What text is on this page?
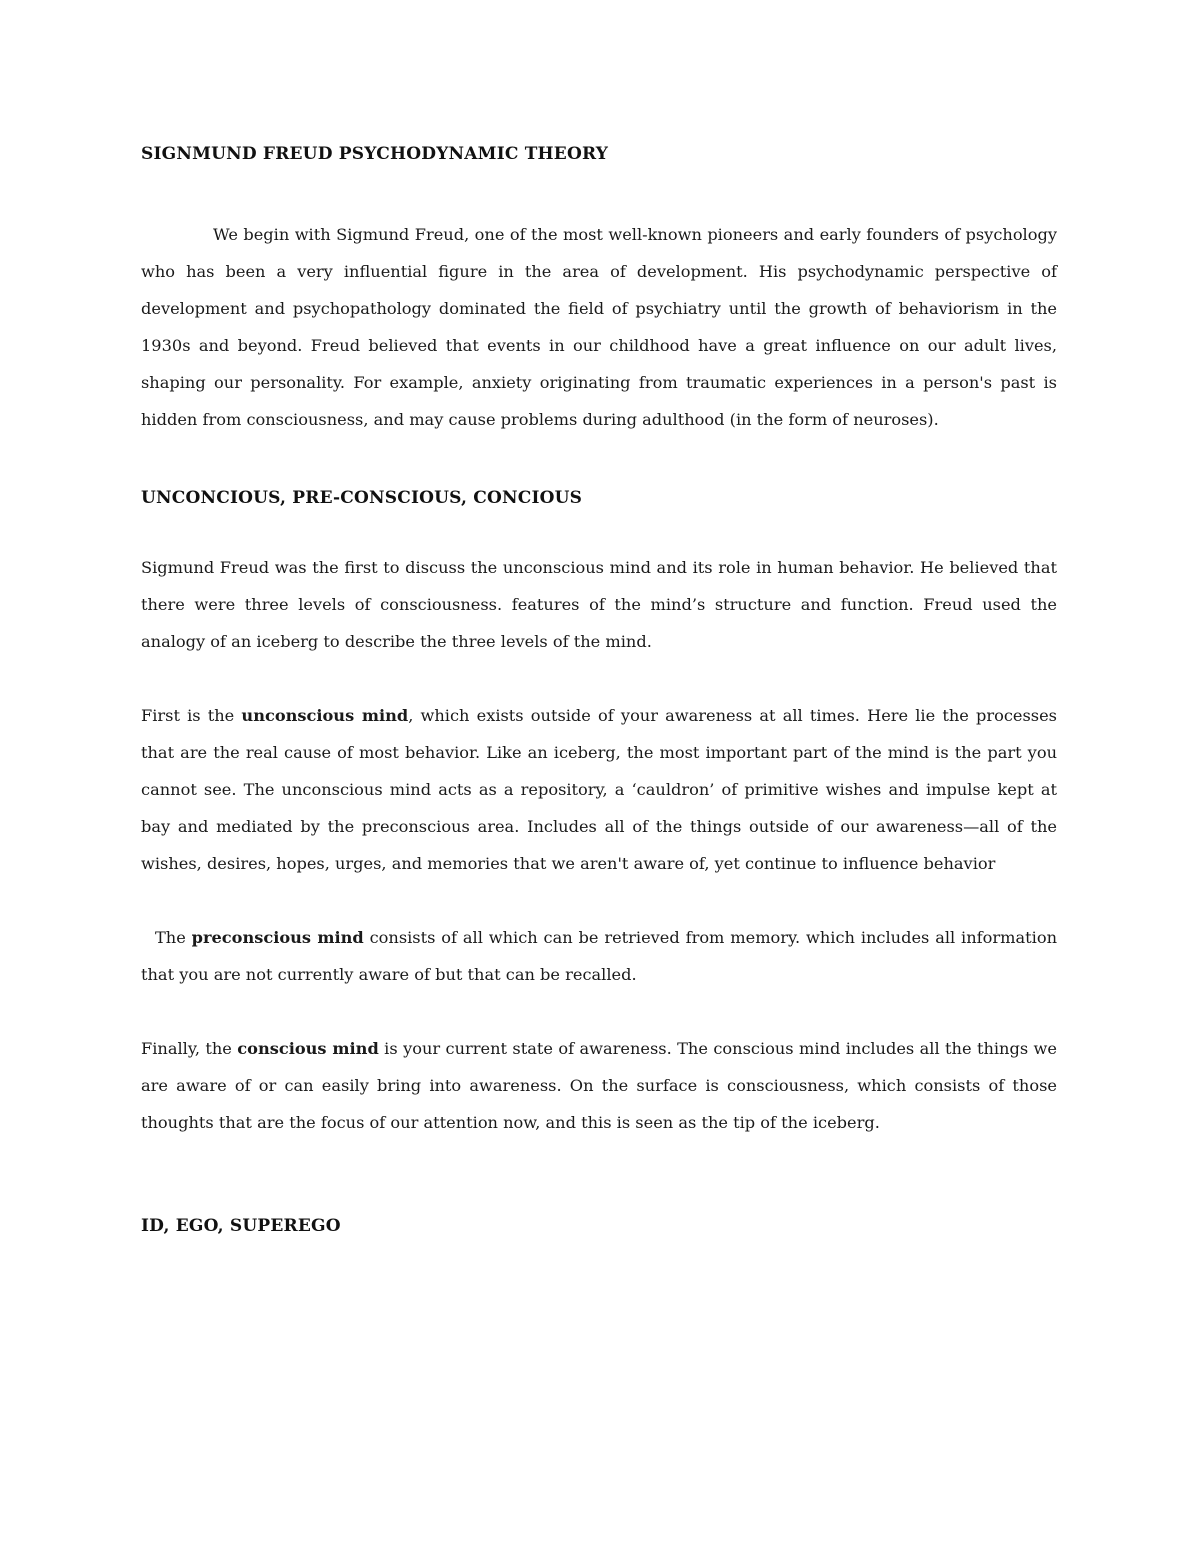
SIGNMUND FREUD PSYCHODYNAMIC THEORY

We begin with Sigmund Freud, one of the most well-known pioneers and early founders of psychology who has been a very influential figure in the area of development. His psychodynamic perspective of development and psychopathology dominated the field of psychiatry until the growth of behaviorism in the 1930s and beyond. Freud believed that events in our childhood have a great influence on our adult lives, shaping our personality. For example, anxiety originating from traumatic experiences in a person's past is hidden from consciousness, and may cause problems during adulthood (in the form of neuroses).

UNCONCIOUS, PRE-CONSCIOUS, CONCIOUS

Sigmund Freud was the first to discuss the unconscious mind and its role in human behavior. He believed that there were three levels of consciousness. features of the mind’s structure and function. Freud used the analogy of an iceberg to describe the three levels of the mind.

First is the unconscious mind, which exists outside of your awareness at all times. Here lie the processes that are the real cause of most behavior. Like an iceberg, the most important part of the mind is the part you cannot see. The unconscious mind acts as a repository, a ‘cauldron’ of primitive wishes and impulse kept at bay and mediated by the preconscious area. Includes all of the things outside of our awareness—all of the wishes, desires, hopes, urges, and memories that we aren't aware of, yet continue to influence behavior

The preconscious mind consists of all which can be retrieved from memory. which includes all information that you are not currently aware of but that can be recalled.

Finally, the conscious mind is your current state of awareness. The conscious mind includes all the things we are aware of or can easily bring into awareness. On the surface is consciousness, which consists of those thoughts that are the focus of our attention now, and this is seen as the tip of the iceberg.

ID, EGO, SUPEREGO
